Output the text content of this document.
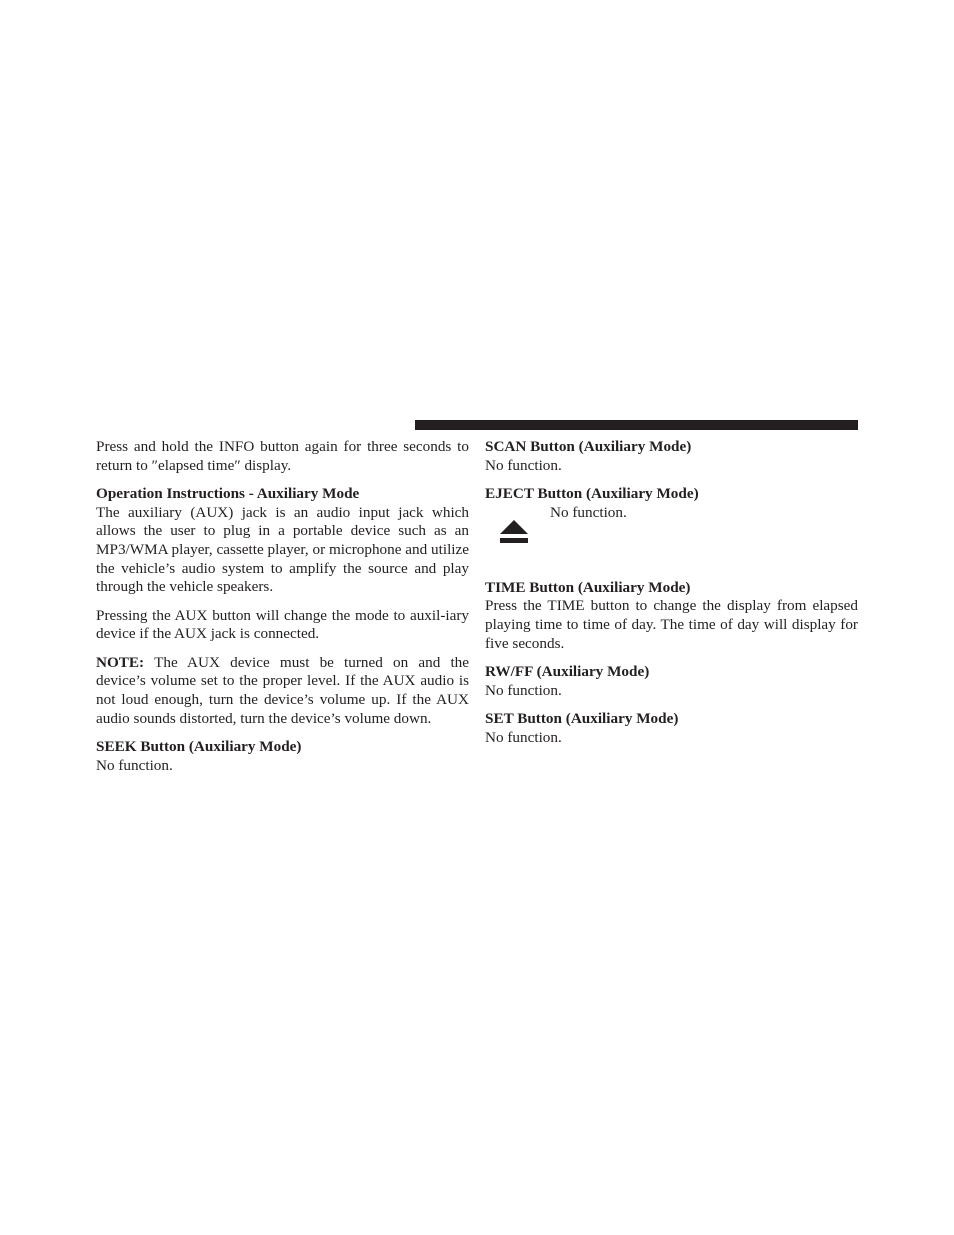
Press and hold the INFO button again for three seconds to return to ″elapsed time″ display.

Operation Instructions - Auxiliary Mode

The auxiliary (AUX) jack is an audio input jack which allows the user to plug in a portable device such as an MP3/WMA player, cassette player, or microphone and utilize the vehicle’s audio system to amplify the source and play through the vehicle speakers.

Pressing the AUX button will change the mode to auxil-iary device if the AUX jack is connected.

NOTE: The AUX device must be turned on and the device’s volume set to the proper level. If the AUX audio is not loud enough, turn the device’s volume up. If the AUX audio sounds distorted, turn the device’s volume down.

SEEK Button (Auxiliary Mode)
No function.
SCAN Button (Auxiliary Mode)
No function.
EJECT Button (Auxiliary Mode)
No function.
TIME Button (Auxiliary Mode)

Press the TIME button to change the display from elapsed playing time to time of day. The time of day will display for five seconds.

RW/FF (Auxiliary Mode)
No function.
SET Button (Auxiliary Mode)
No function.
